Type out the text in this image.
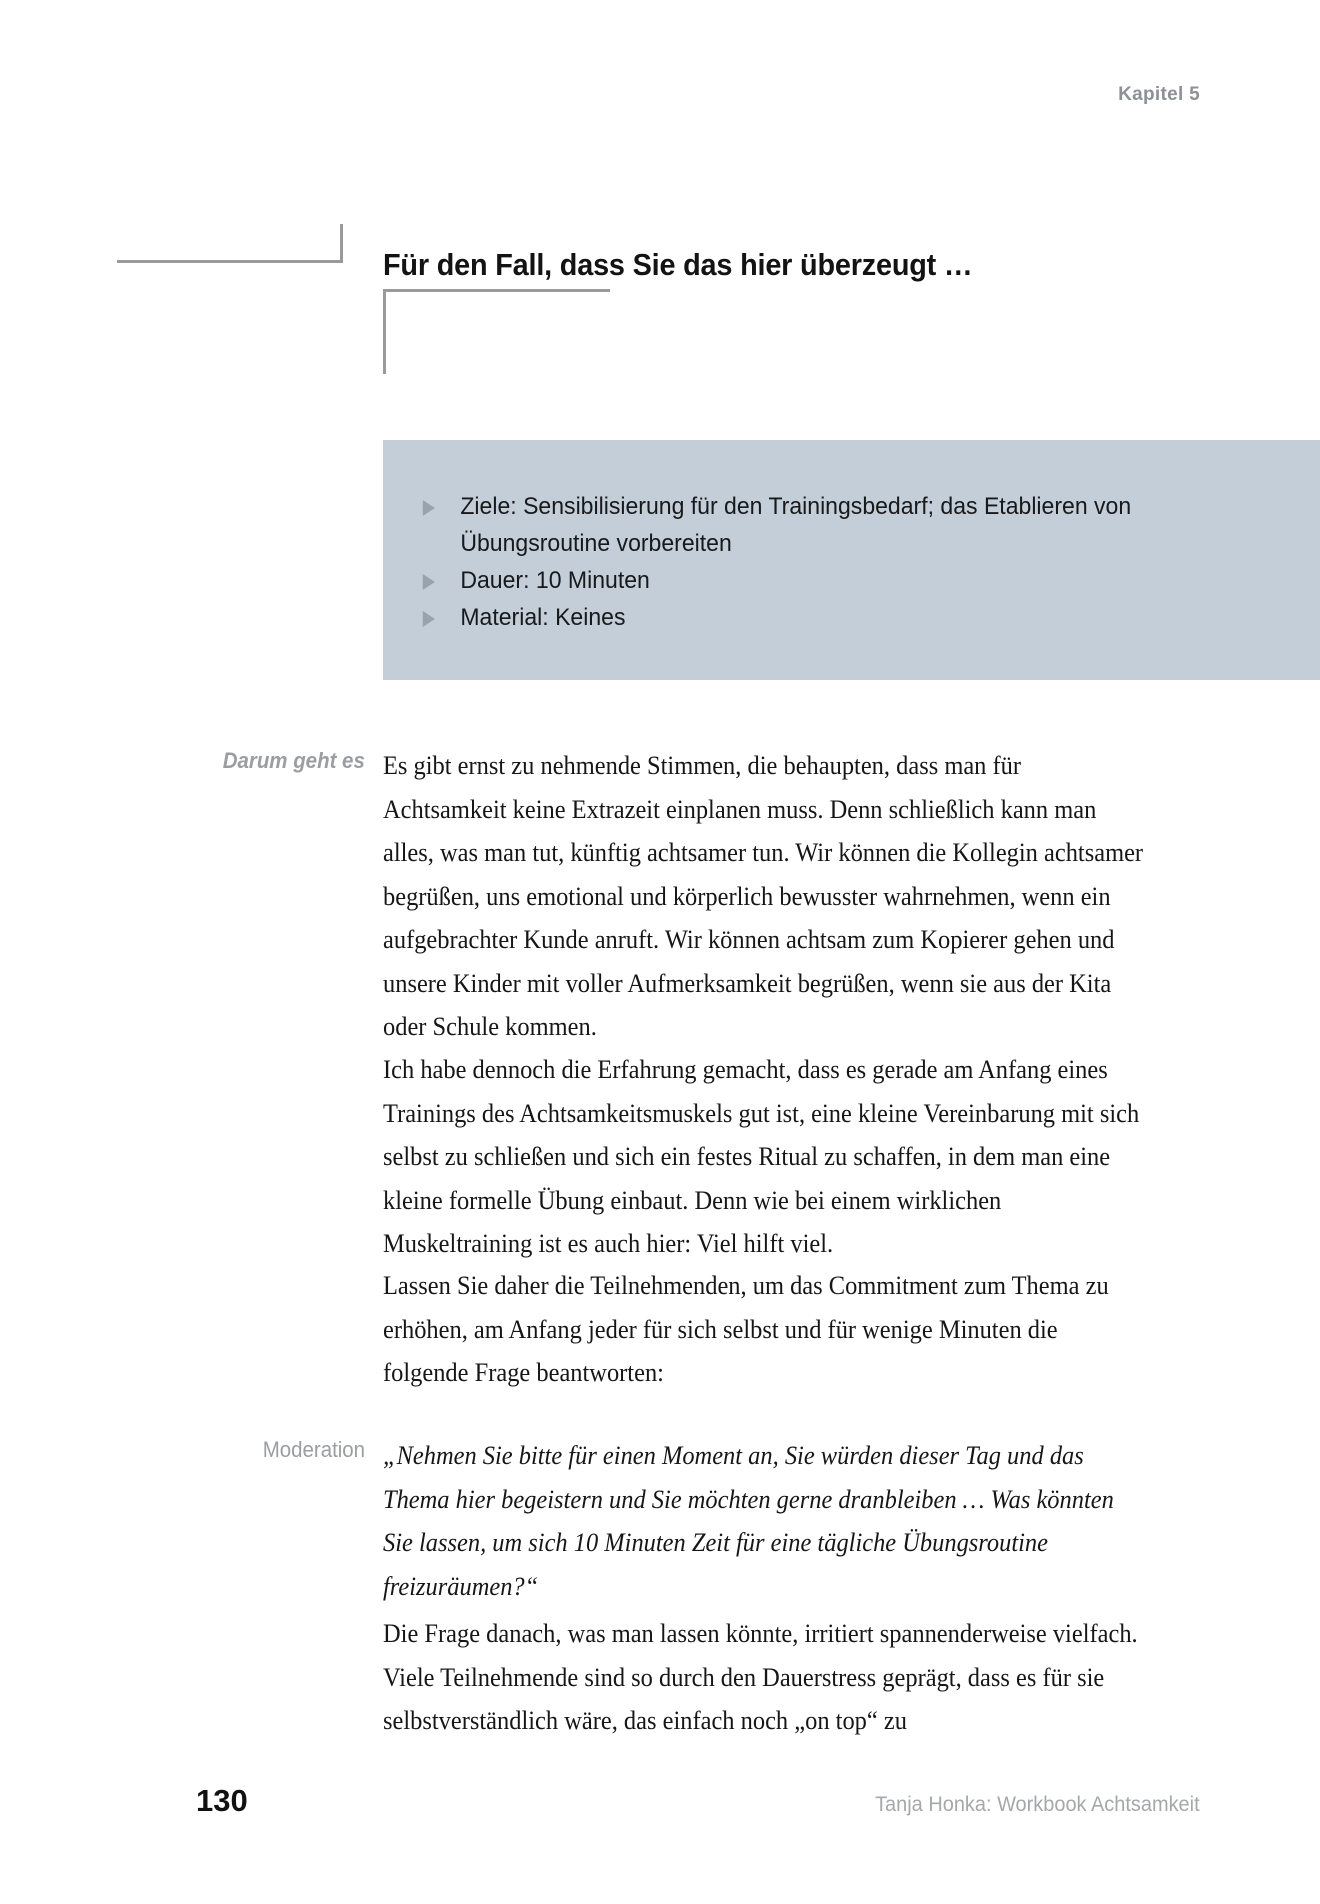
Kapitel 5
Für den Fall, dass Sie das hier überzeugt …
Ziele: Sensibilisierung für den Trainingsbedarf; das Etablieren von Übungsroutine vorbereiten
Dauer: 10 Minuten
Material: Keines
Darum geht es Es gibt ernst zu nehmende Stimmen, die behaupten, dass man für Achtsamkeit keine Extrazeit einplanen muss. Denn schließlich kann man alles, was man tut, künftig achtsamer tun. Wir können die Kollegin achtsamer begrüßen, uns emotional und körperlich bewusster wahrnehmen, wenn ein aufgebrachter Kunde anruft. Wir können achtsam zum Kopierer gehen und unsere Kinder mit voller Aufmerksamkeit begrüßen, wenn sie aus der Kita oder Schule kommen.

Ich habe dennoch die Erfahrung gemacht, dass es gerade am Anfang eines Trainings des Achtsamkeitsmuskels gut ist, eine kleine Vereinbarung mit sich selbst zu schließen und sich ein festes Ritual zu schaffen, in dem man eine kleine formelle Übung einbaut. Denn wie bei einem wirklichen Muskeltraining ist es auch hier: Viel hilft viel.

Lassen Sie daher die Teilnehmenden, um das Commitment zum Thema zu erhöhen, am Anfang jeder für sich selbst und für wenige Minuten die folgende Frage beantworten:

Moderation „Nehmen Sie bitte für einen Moment an, Sie würden dieser Tag und das Thema hier begeistern und Sie möchten gerne dranbleiben … Was könnten Sie lassen, um sich 10 Minuten Zeit für eine tägliche Übungsroutine freizuräumen?“

Die Frage danach, was man lassen könnte, irritiert spannenderweise vielfach. Viele Teilnehmende sind so durch den Dauerstress geprägt, dass es für sie selbstverständlich wäre, das einfach noch „on top“ zu

130	Tanja Honka: Workbook Achtsamkeit
